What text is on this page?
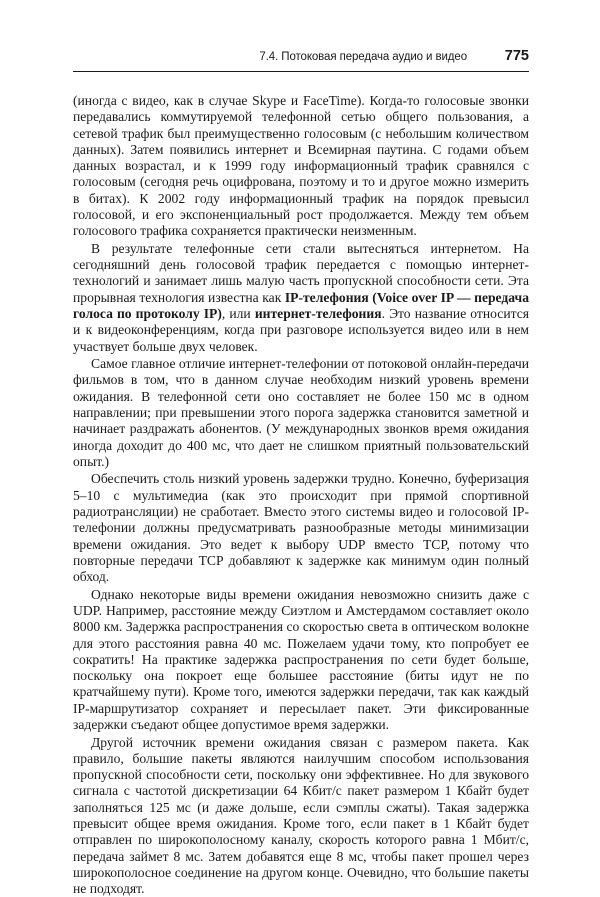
7.4. Потоковая передача аудио и видео	775

(иногда с видео, как в случае Skype и FaceTime). Когда-то голосовые звонки передавались коммутируемой телефонной сетью общего пользования, а сетевой трафик был преимущественно голосовым (с небольшим количеством данных). Затем появились интернет и Всемирная паутина. С годами объем данных возрастал, и к 1999 году информационный трафик сравнялся с голосовым (сегодня речь оцифрована, поэтому и то и другое можно измерить в битах). К 2002 году информационный трафик на порядок превысил голосовой, и его экспоненциальный рост продолжается. Между тем объем голосового трафика сохраняется практически неизменным.

В результате телефонные сети стали вытесняться интернетом. На сегодняшний день голосовой трафик передается с помощью интернет-технологий и занимает лишь малую часть пропускной способности сети. Эта прорывная технология известна как IP-телефония (Voice over IP — передача голоса по протоколу IP), или интернет-телефония. Это название относится и к видеоконференциям, когда при разговоре используется видео или в нем участвует больше двух человек.

Самое главное отличие интернет-телефонии от потоковой онлайн-передачи фильмов в том, что в данном случае необходим низкий уровень времени ожидания. В телефонной сети оно составляет не более 150 мс в одном направлении; при превышении этого порога задержка становится заметной и начинает раздражать абонентов. (У международных звонков время ожидания иногда доходит до 400 мс, что дает не слишком приятный пользовательский опыт.)

Обеспечить столь низкий уровень задержки трудно. Конечно, буферизация 5–10 с мультимедиа (как это происходит при прямой спортивной радиотрансляции) не сработает. Вместо этого системы видео и голосовой IP-телефонии должны предусматривать разнообразные методы минимизации времени ожидания. Это ведет к выбору UDP вместо TCP, потому что повторные передачи TCP добавляют к задержке как минимум один полный обход.

Однако некоторые виды времени ожидания невозможно снизить даже с UDP. Например, расстояние между Сиэтлом и Амстердамом составляет около 8000 км. Задержка распространения со скоростью света в оптическом волокне для этого расстояния равна 40 мс. Пожелаем удачи тому, кто попробует ее сократить! На практике задержка распространения по сети будет больше, поскольку она покроет еще большее расстояние (биты идут не по кратчайшему пути). Кроме того, имеются задержки передачи, так как каждый IP-маршрутизатор сохраняет и пересылает пакет. Эти фиксированные задержки съедают общее допустимое время задержки.

Другой источник времени ожидания связан с размером пакета. Как правило, большие пакеты являются наилучшим способом использования пропускной способности сети, поскольку они эффективнее. Но для звукового сигнала с частотой дискретизации 64 Кбит/с пакет размером 1 Кбайт будет заполняться 125 мс (и даже дольше, если сэмплы сжаты). Такая задержка превысит общее время ожидания. Кроме того, если пакет в 1 Кбайт будет отправлен по широкополосному каналу, скорость которого равна 1 Мбит/с, передача займет 8 мс. Затем добавятся еще 8 мс, чтобы пакет прошел через широкополосное соединение на другом конце. Очевидно, что большие пакеты не подходят.
